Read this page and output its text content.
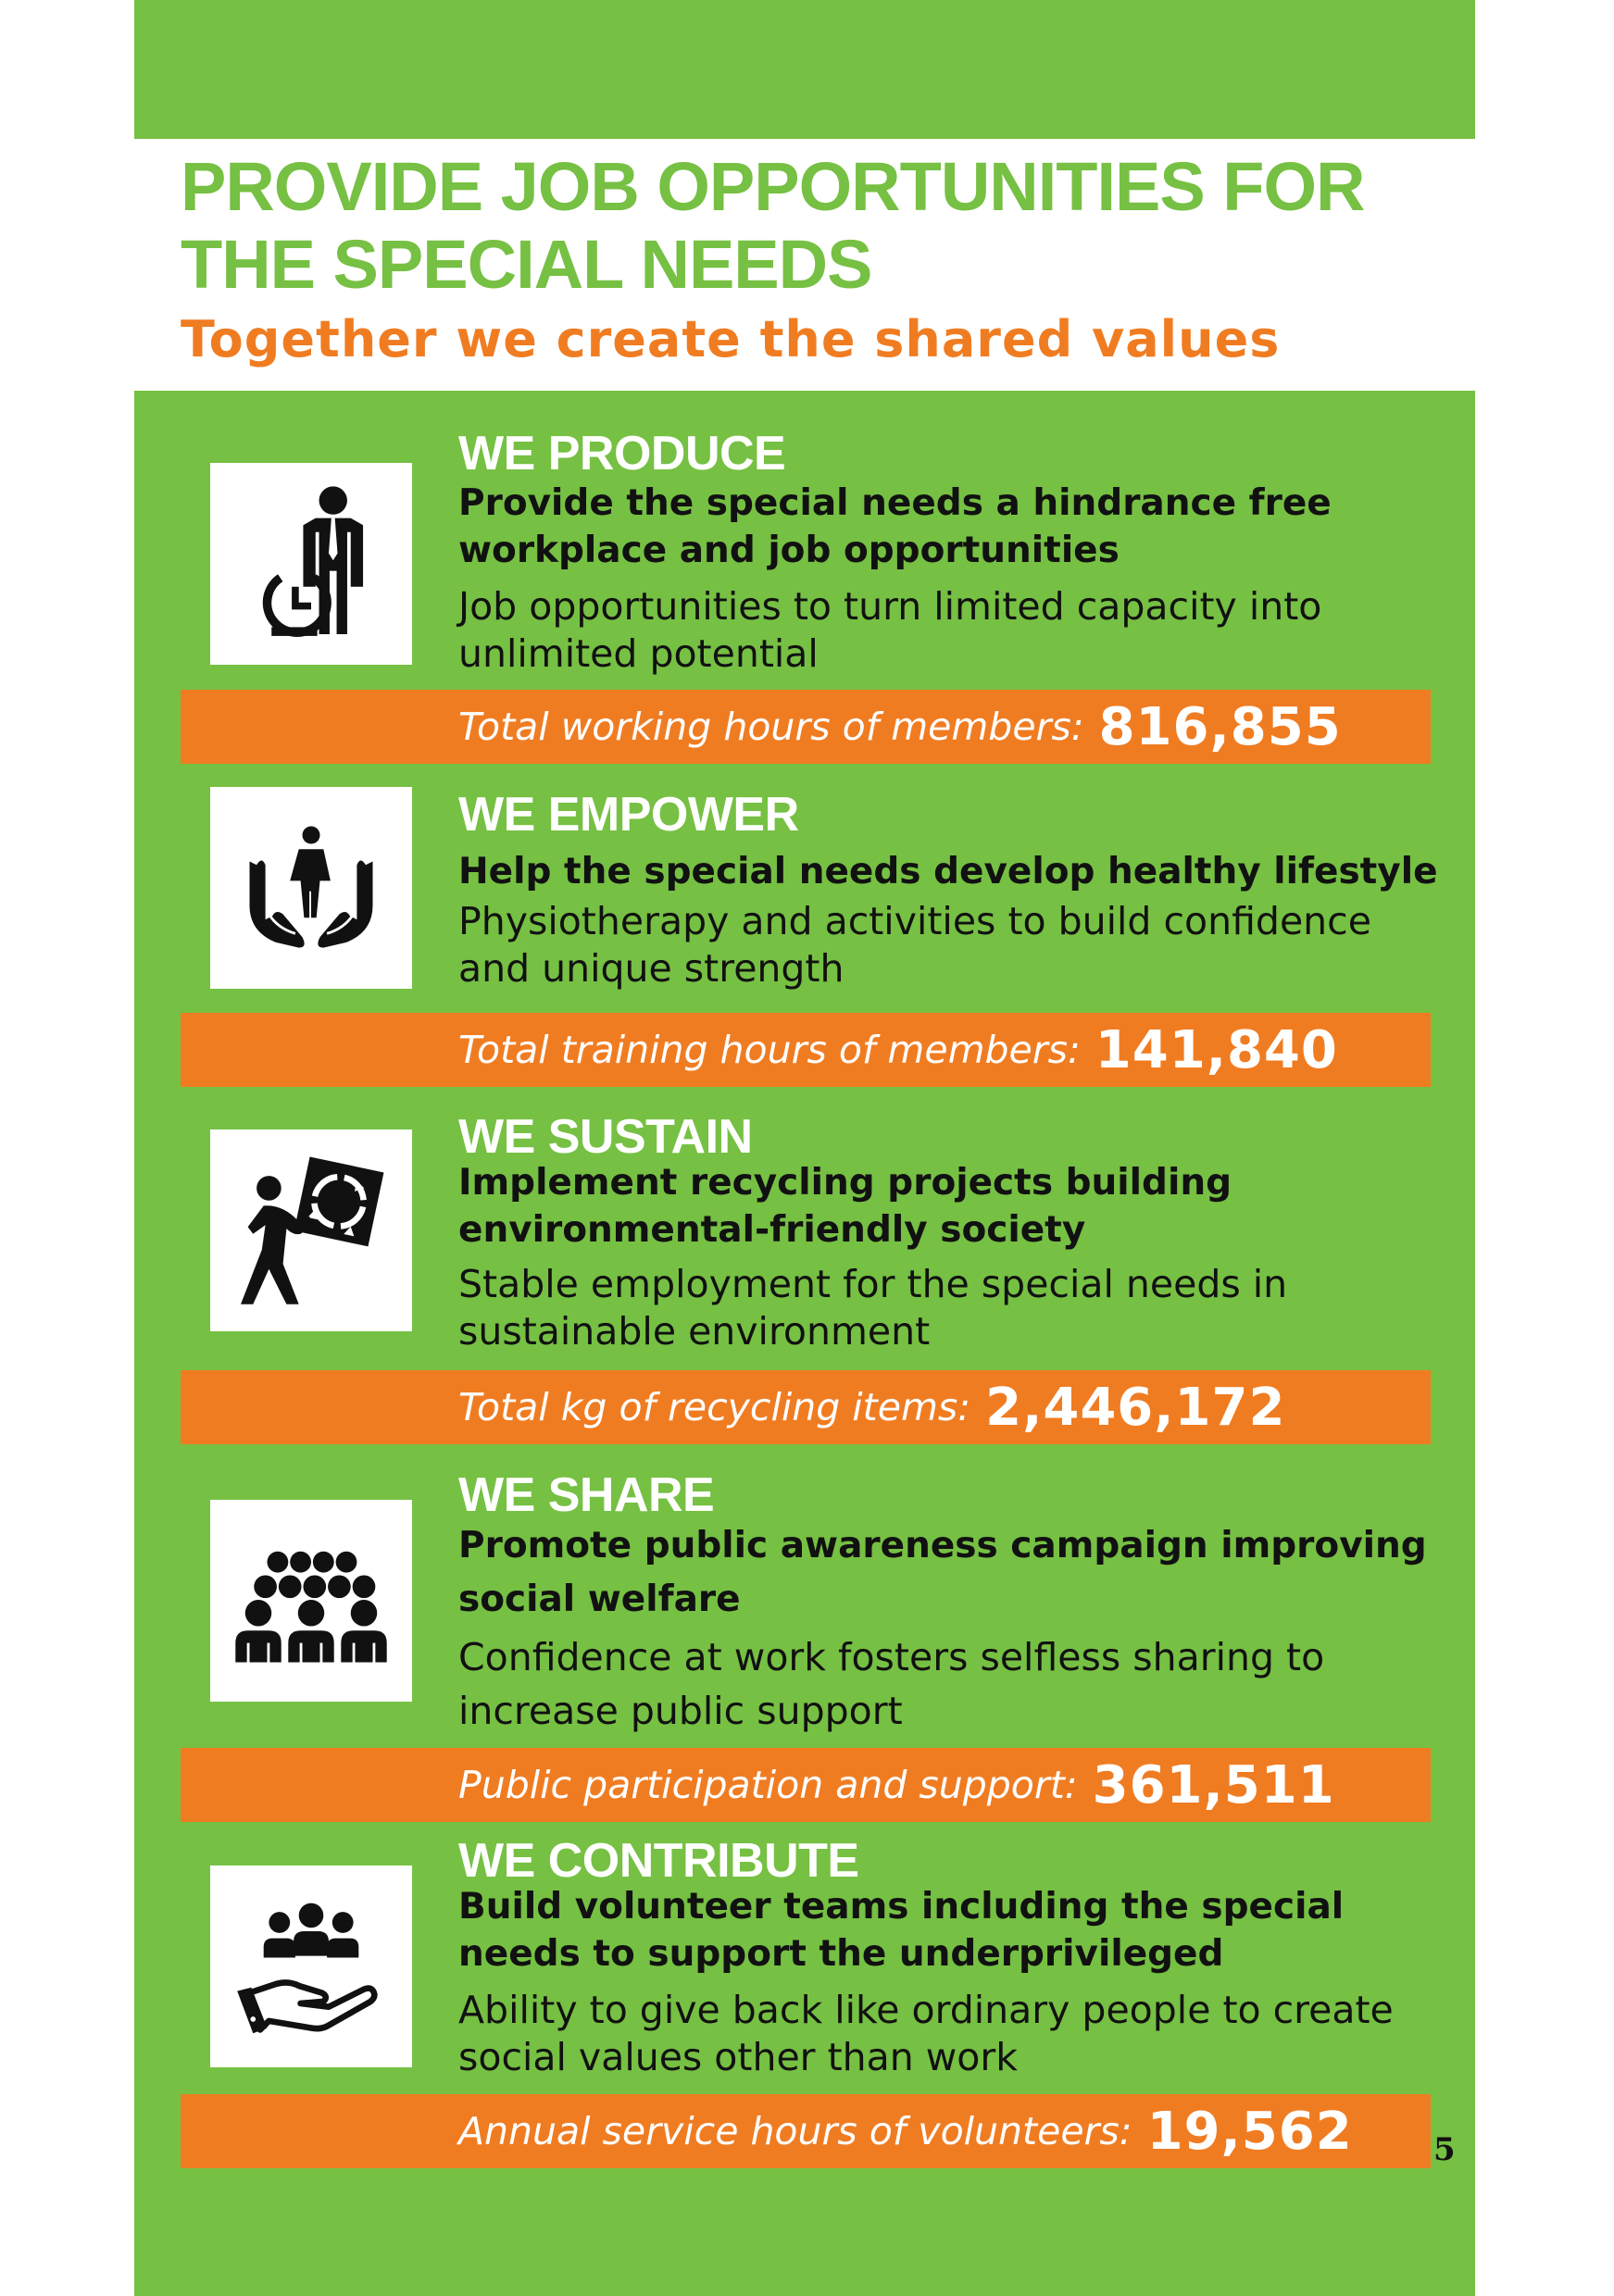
PROVIDE JOB OPPORTUNITIES FOR THE SPECIAL NEEDS
Together we create the shared values
WE PRODUCE
Provide the special needs a hindrance free workplace and job opportunities
Job opportunities to turn limited capacity into unlimited potential
Total working hours of members: 816,855
WE EMPOWER
Help the special needs develop healthy lifestyle
Physiotherapy and activities to build confidence and unique strength
Total training hours of members: 141,840
WE SUSTAIN
Implement recycling projects building environmental-friendly society
Stable employment for the special needs in sustainable environment
Total kg of recycling items: 2,446,172
WE SHARE
Promote public awareness campaign improving social welfare
Confidence at work fosters selfless sharing to increase public support
Public participation and support: 361,511
WE CONTRIBUTE
Build volunteer teams including the special needs to support the underprivileged
Ability to give back like ordinary people to create social values other than work
Annual service hours of volunteers: 19,562	5
